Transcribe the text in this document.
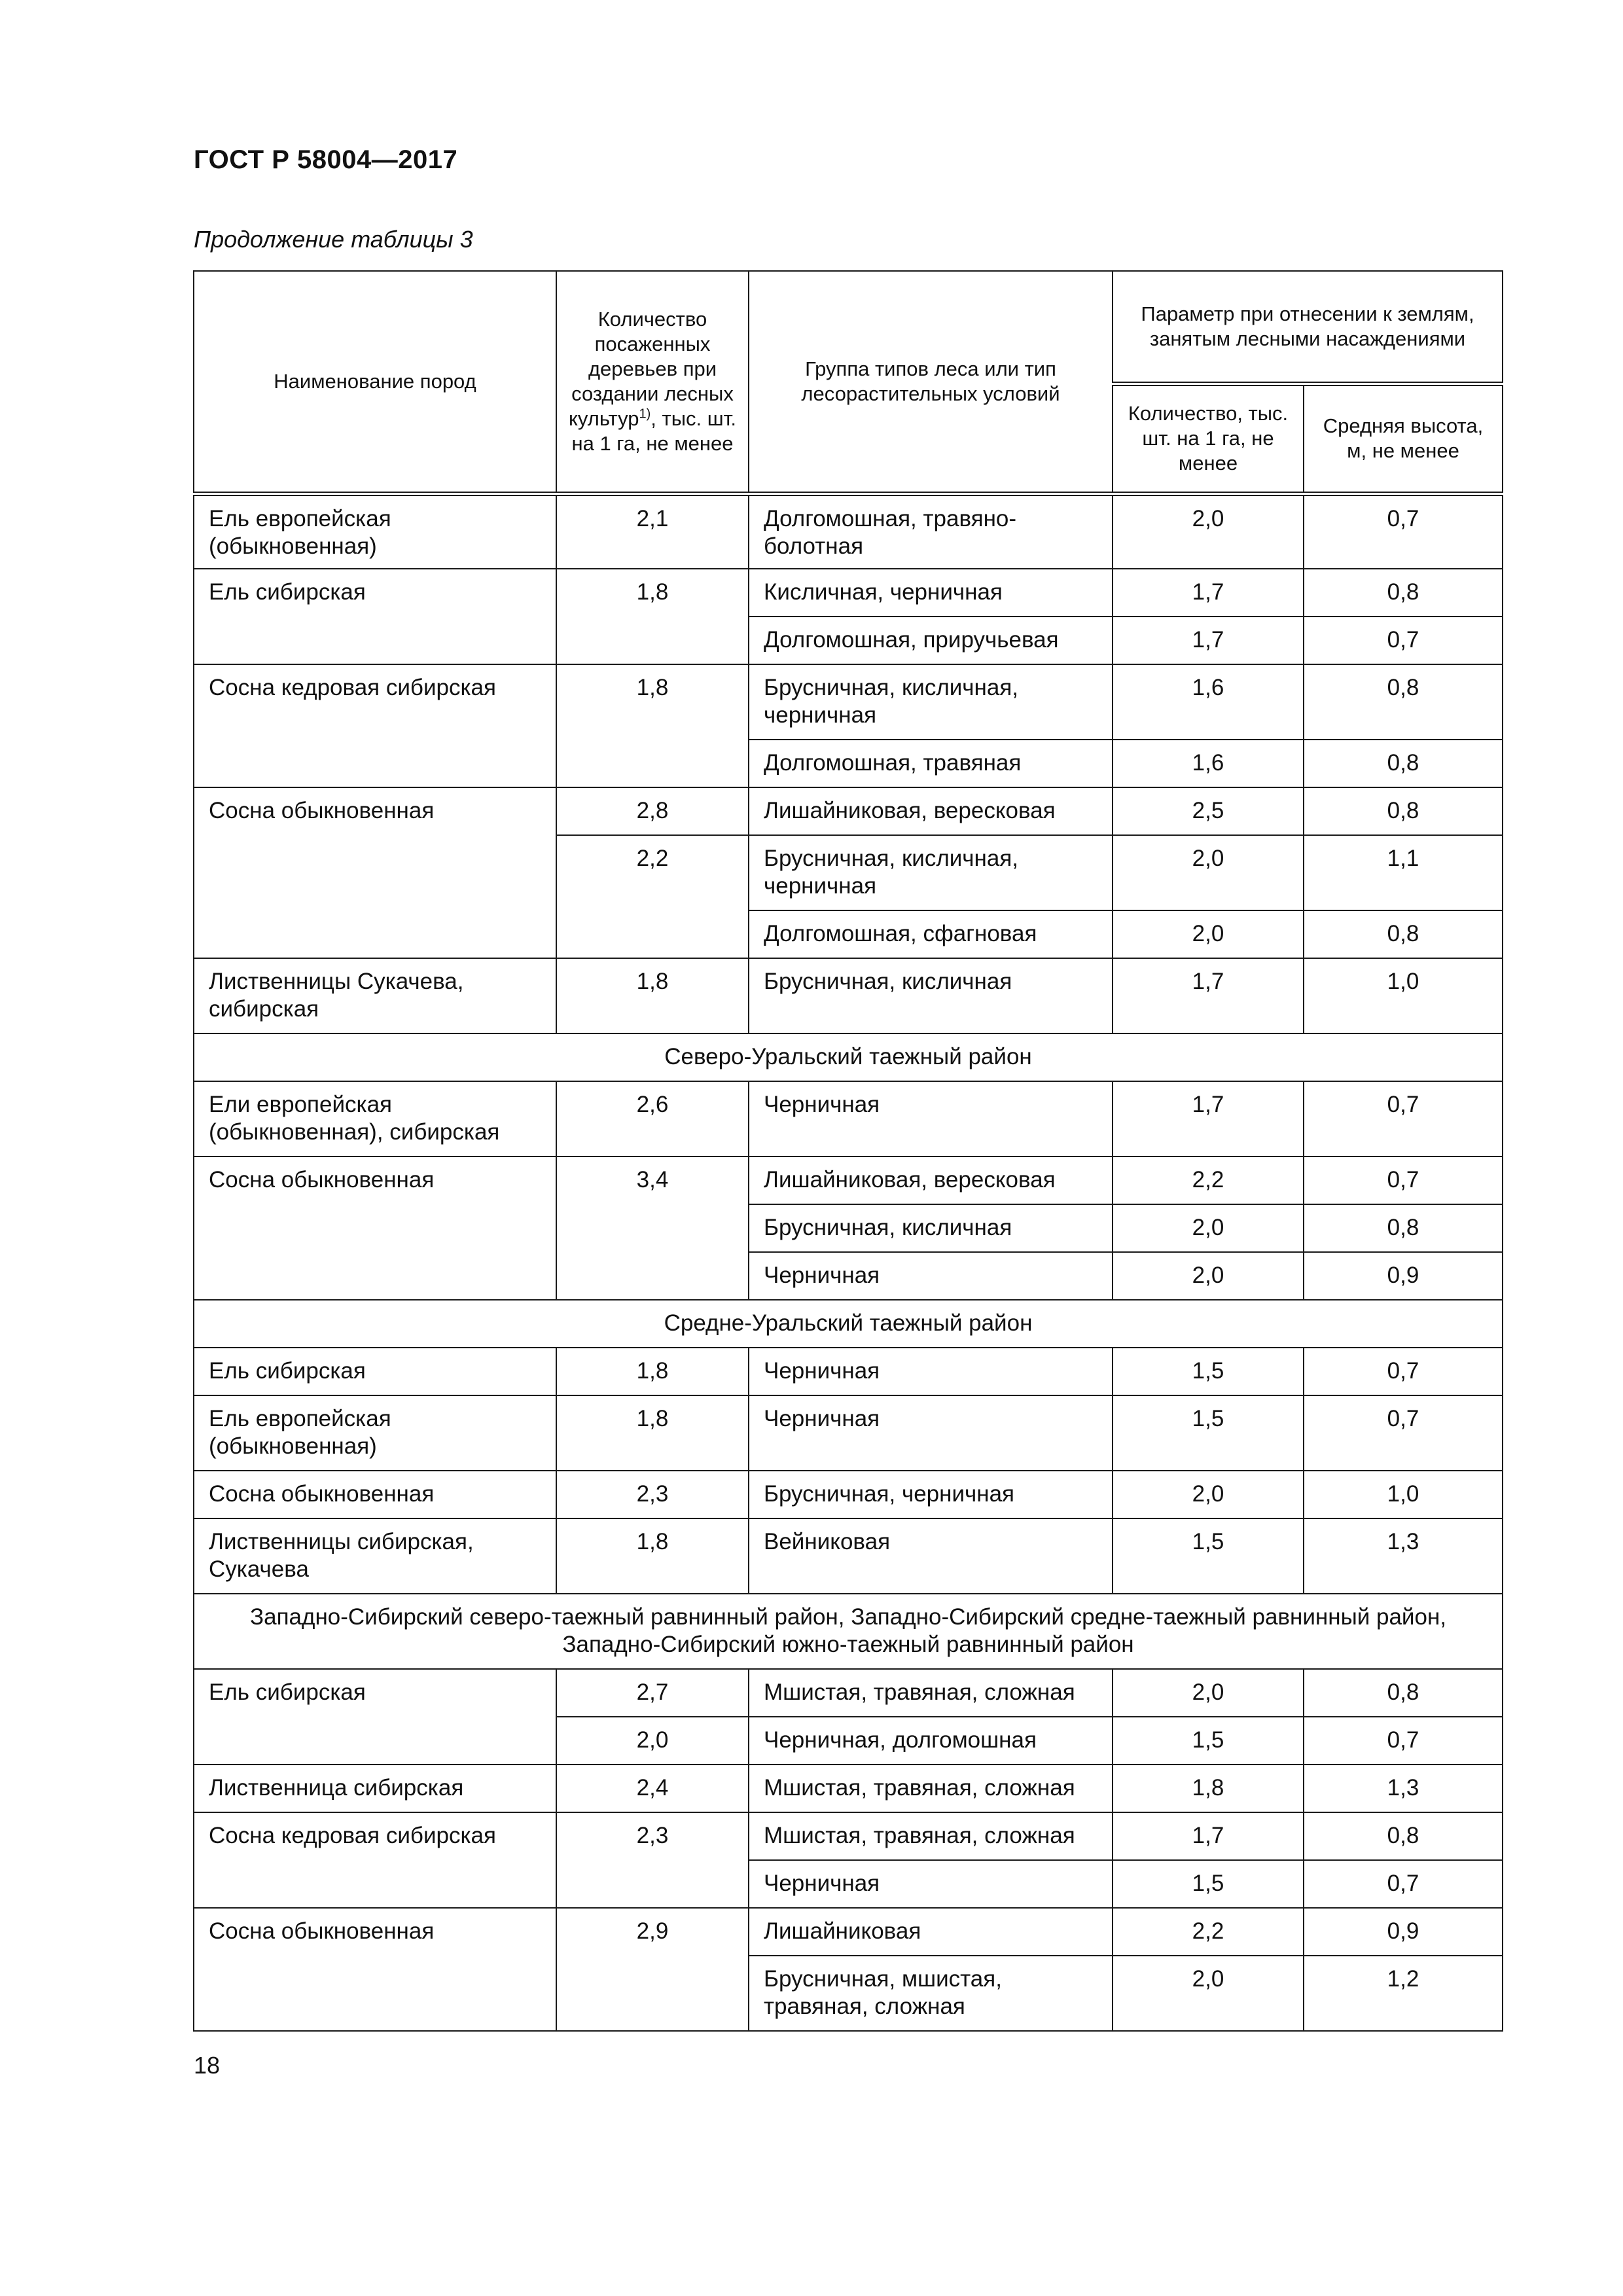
ГОСТ Р 58004—2017
Продолжение таблицы 3
Наименование пород	Количество посаженных деревьев при создании лесных культур$^{1)}$, тыс. шт. на 1 га, не менее	Группа типов леса или тип лесорастительных условий	Параметр при отнесении к землям, занятым лесными насаждениями	
			Количество, тыс. шт. на 1 га, не менее	Средняя высота, м, не менее
Ель европейская (обыкновенная)	2,1	Долгомошная, травяно-болотная	2,0	0,7
Ель сибирская	1,8	Кисличная, черничная	1,7	0,8
		Долгомошная, приручьевая	1,7	0,7
Сосна кедровая сибирская	1,8	Брусничная, кисличная, черничная	1,6	0,8
		Долгомошная, травяная	1,6	0,8
Сосна обыкновенная	2,8	Лишайниковая, вересковая	2,5	0,8
	2,2	Брусничная, кисличная, черничная	2,0	1,1
		Долгомошная, сфагновая	2,0	0,8
Лиственницы Сукачева, сибирская	1,8	Брусничная, кисличная	1,7	1,0
Северо-Уральский таежный район				
Ели европейская (обыкновенная), сибирская	2,6	Черничная	1,7	0,7
Сосна обыкновенная	3,4	Лишайниковая, вересковая	2,2	0,7
		Брусничная, кисличная	2,0	0,8
		Черничная	2,0	0,9
Средне-Уральский таежный район				
Ель сибирская	1,8	Черничная	1,5	0,7
Ель европейская (обыкновенная)	1,8	Черничная	1,5	0,7
Сосна обыкновенная	2,3	Брусничная, черничная	2,0	1,0
Лиственницы сибирская, Сукачева	1,8	Вейниковая	1,5	1,3
Западно-Сибирский северо-таежный равнинный район, Западно-Сибирский средне-таежный равнинный район, Западно-Сибирский южно-таежный равнинный район				
Ель сибирская	2,7	Мшистая, травяная, сложная	2,0	0,8
	2,0	Черничная, долгомошная	1,5	0,7
Лиственница сибирская	2,4	Мшистая, травяная, сложная	1,8	1,3
Сосна кедровая сибирская	2,3	Мшистая, травяная, сложная	1,7	0,8
		Черничная	1,5	0,7
Сосна обыкновенная	2,9	Лишайниковая	2,2	0,9
		Брусничная, мшистая, травяная, сложная	2,0	1,2
18
